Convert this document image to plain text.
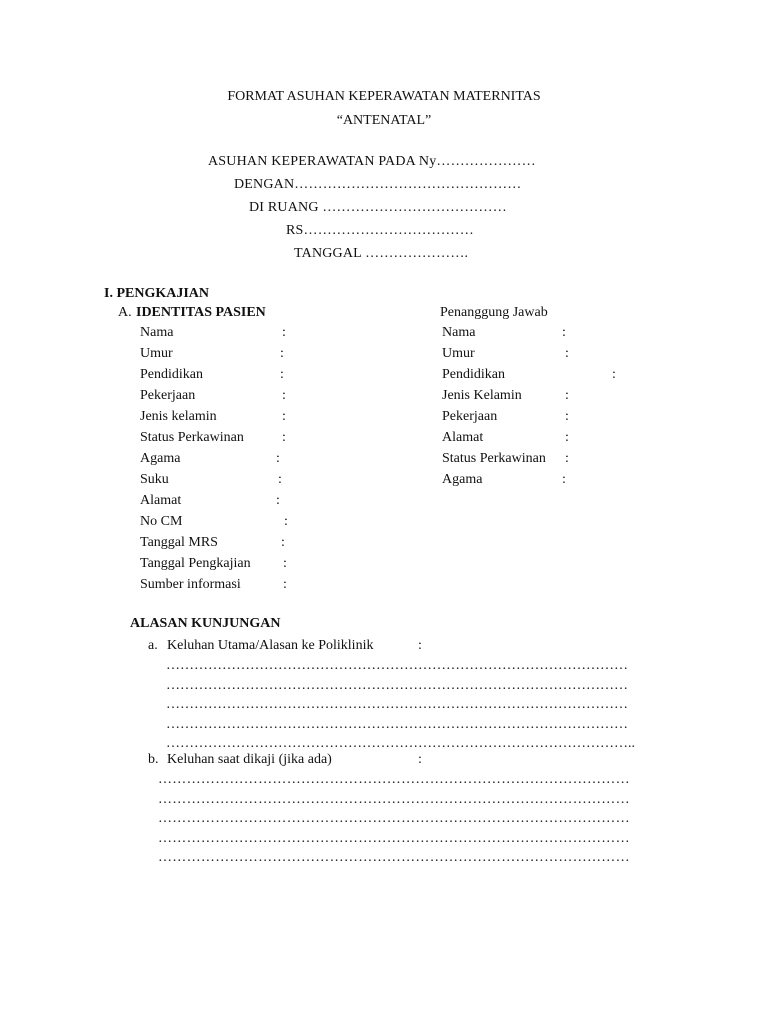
FORMAT ASUHAN KEPERAWATAN MATERNITAS
“ANTENATAL”
ASUHAN KEPERAWATAN PADA Ny…………………
DENGAN…………………………………………
DI RUANG …………………………………
RS………………………………
TANGGAL ………………….
I. PENGKAJIAN
A. IDENTITAS PASIEN	Penanggung Jawab
Nama	:
Umur	:
Pendidikan	:
Pekerjaan	:
Jenis kelamin	:
Status Perkawinan	:
Agama	:
Suku	:
Alamat	:
No CM	:
Tanggal MRS	:
Tanggal Pengkajian :
Sumber informasi	:
Nama	:
Umur	:
Pendidikan	:
Jenis Kelamin	:
Pekerjaan	:
Alamat	:
Status Perkawinan :
Agama	:
ALASAN KUNJUNGAN
a. Keluhan Utama/Alasan ke Poliklinik	:
………………………………………………………………………………………
………………………………………………………………………………………
………………………………………………………………………………………
………………………………………………………………………………………
………………………………………………………………………………………..
b. Keluhan saat dikaji (jika ada)	:
………………………………………………………………………………………
………………………………………………………………………………………
………………………………………………………………………………………
………………………………………………………………………………………
………………………………………………………………………………………
